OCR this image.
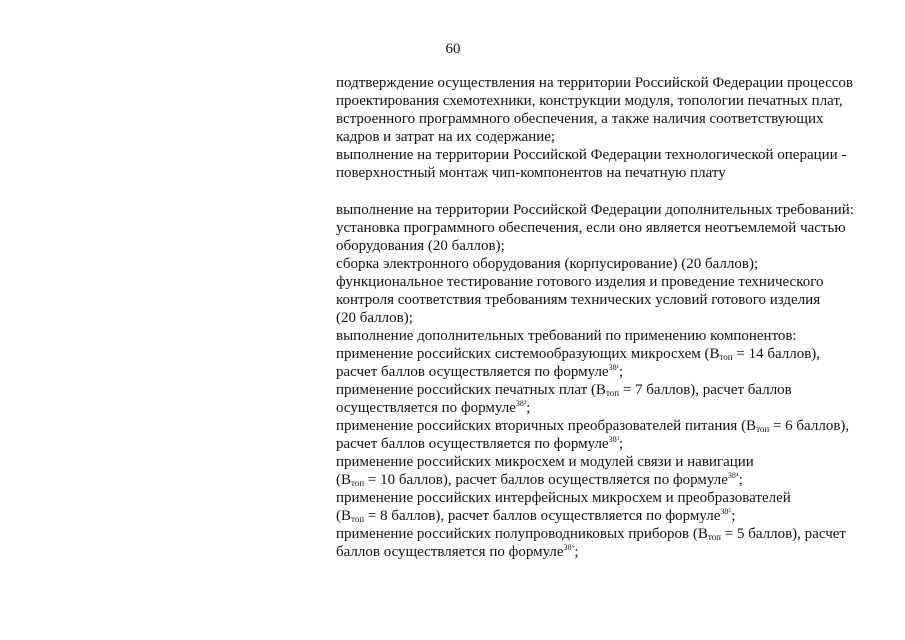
60
подтверждение осуществления на территории Российской Федерации процессов
проектирования схемотехники, конструкции модуля, топологии печатных плат,
встроенного программного обеспечения, а также наличия соответствующих
кадров и затрат на их содержание;
выполнение на территории Российской Федерации технологической операции -
поверхностный монтаж чип-компонентов на печатную плату
выполнение на территории Российской Федерации дополнительных требований:
установка программного обеспечения, если оно является неотъемлемой частью
оборудования (20 баллов);
сборка электронного оборудования (корпусирование) (20 баллов);
функциональное тестирование готового изделия и проведение технического
контроля соответствия требованиям технических условий готового изделия
(20 баллов);
выполнение дополнительных требований по применению компонентов:
применение российских системообразующих микросхем ($В_{топ} = 14$ баллов),
расчет баллов осуществляется по формуле$^{38^1}$;
применение российских печатных плат ($В_{топ} = 7$ баллов), расчет баллов
осуществляется по формуле$^{38^2}$;
применение российских вторичных преобразователей питания ($В_{топ} = 6$ баллов),
расчет баллов осуществляется по формуле$^{38^3}$;
применение российских микросхем и модулей связи и навигации
($В_{топ} = 10$ баллов), расчет баллов осуществляется по формуле$^{38^4}$;
применение российских интерфейсных микросхем и преобразователей
($В_{топ} = 8$ баллов), расчет баллов осуществляется по формуле$^{38^5}$;
применение российских полупроводниковых приборов ($В_{топ} = 5$ баллов), расчет
баллов осуществляется по формуле$^{38^6}$;
